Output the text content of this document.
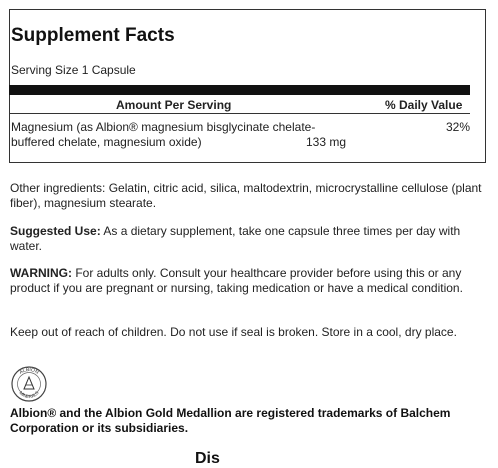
Supplement Facts
Serving Size 1 Capsule
Amount Per Serving	% Daily Value
Magnesium (as Albion® magnesium bisglycinate chelate-	32%
buffered chelate, magnesium oxide)	133 mg
Other ingredients: Gelatin, citric acid, silica, maltodextrin, microcrystalline cellulose (plant fiber), magnesium stearate.
Suggested Use: As a dietary supplement, take one capsule three times per day with water.
WARNING: For adults only. Consult your healthcare provider before using this or any product if you are pregnant or nursing, taking medication or have a medical condition.
Keep out of reach of children. Do not use if seal is broken. Store in a cool, dry place.
ALBION
MINERALS
Albion® and the Albion Gold Medallion are registered trademarks of Balchem Corporation or its subsidiaries.
Dis
